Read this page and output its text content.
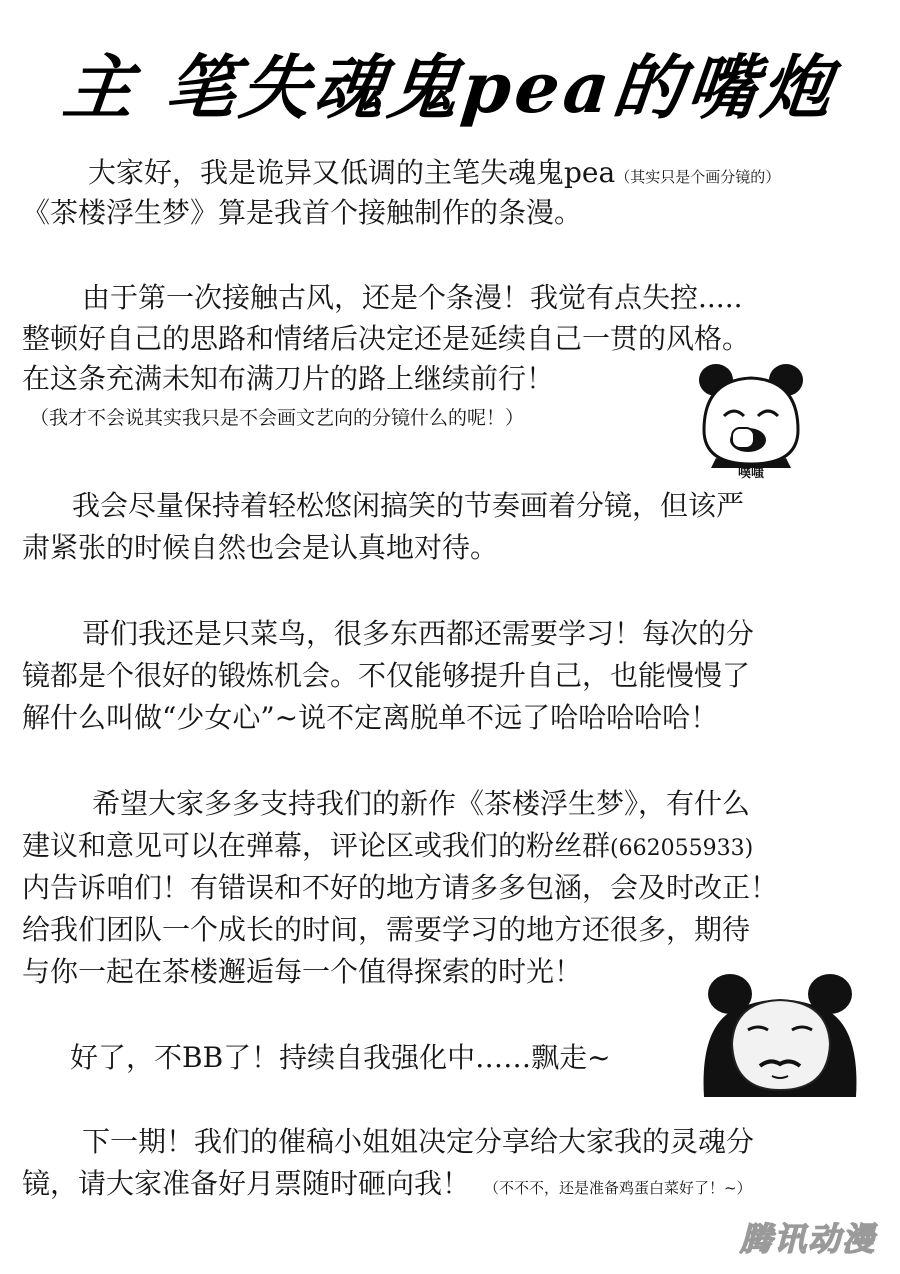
主 笔失魂鬼pea的嘴炮
大家好，我是诡异又低调的主笔失魂鬼pea（其实只是个画分镜的）
《茶楼浮生梦》算是我首个接触制作的条漫。
由于第一次接触古风，还是个条漫！我觉有点失控.....
整顿好自己的思路和情绪后决定还是延续自己一贯的风格。
在这条充满未知布满刀片的路上继续前行！
（我才不会说其实我只是不会画文艺向的分镜什么的呢！）
噗嗤
我会尽量保持着轻松悠闲搞笑的节奏画着分镜，但该严
肃紧张的时候自然也会是认真地对待。
哥们我还是只菜鸟，很多东西都还需要学习！每次的分
镜都是个很好的锻炼机会。不仅能够提升自己，也能慢慢了
解什么叫做“少女心”~说不定离脱单不远了哈哈哈哈哈！
希望大家多多支持我们的新作《茶楼浮生梦》，有什么
建议和意见可以在弹幕，评论区或我们的粉丝群(662055933)
内告诉咱们！有错误和不好的地方请多多包涵，会及时改正！
给我们团队一个成长的时间，需要学习的地方还很多，期待
与你一起在茶楼邂逅每一个值得探索的时光！
好了，不BB了！持续自我强化中……飘走~
下一期！我们的催稿小姐姐决定分享给大家我的灵魂分
镜，请大家准备好月票随时砸向我！ （不不不，还是准备鸡蛋白菜好了！~）
腾讯动漫
